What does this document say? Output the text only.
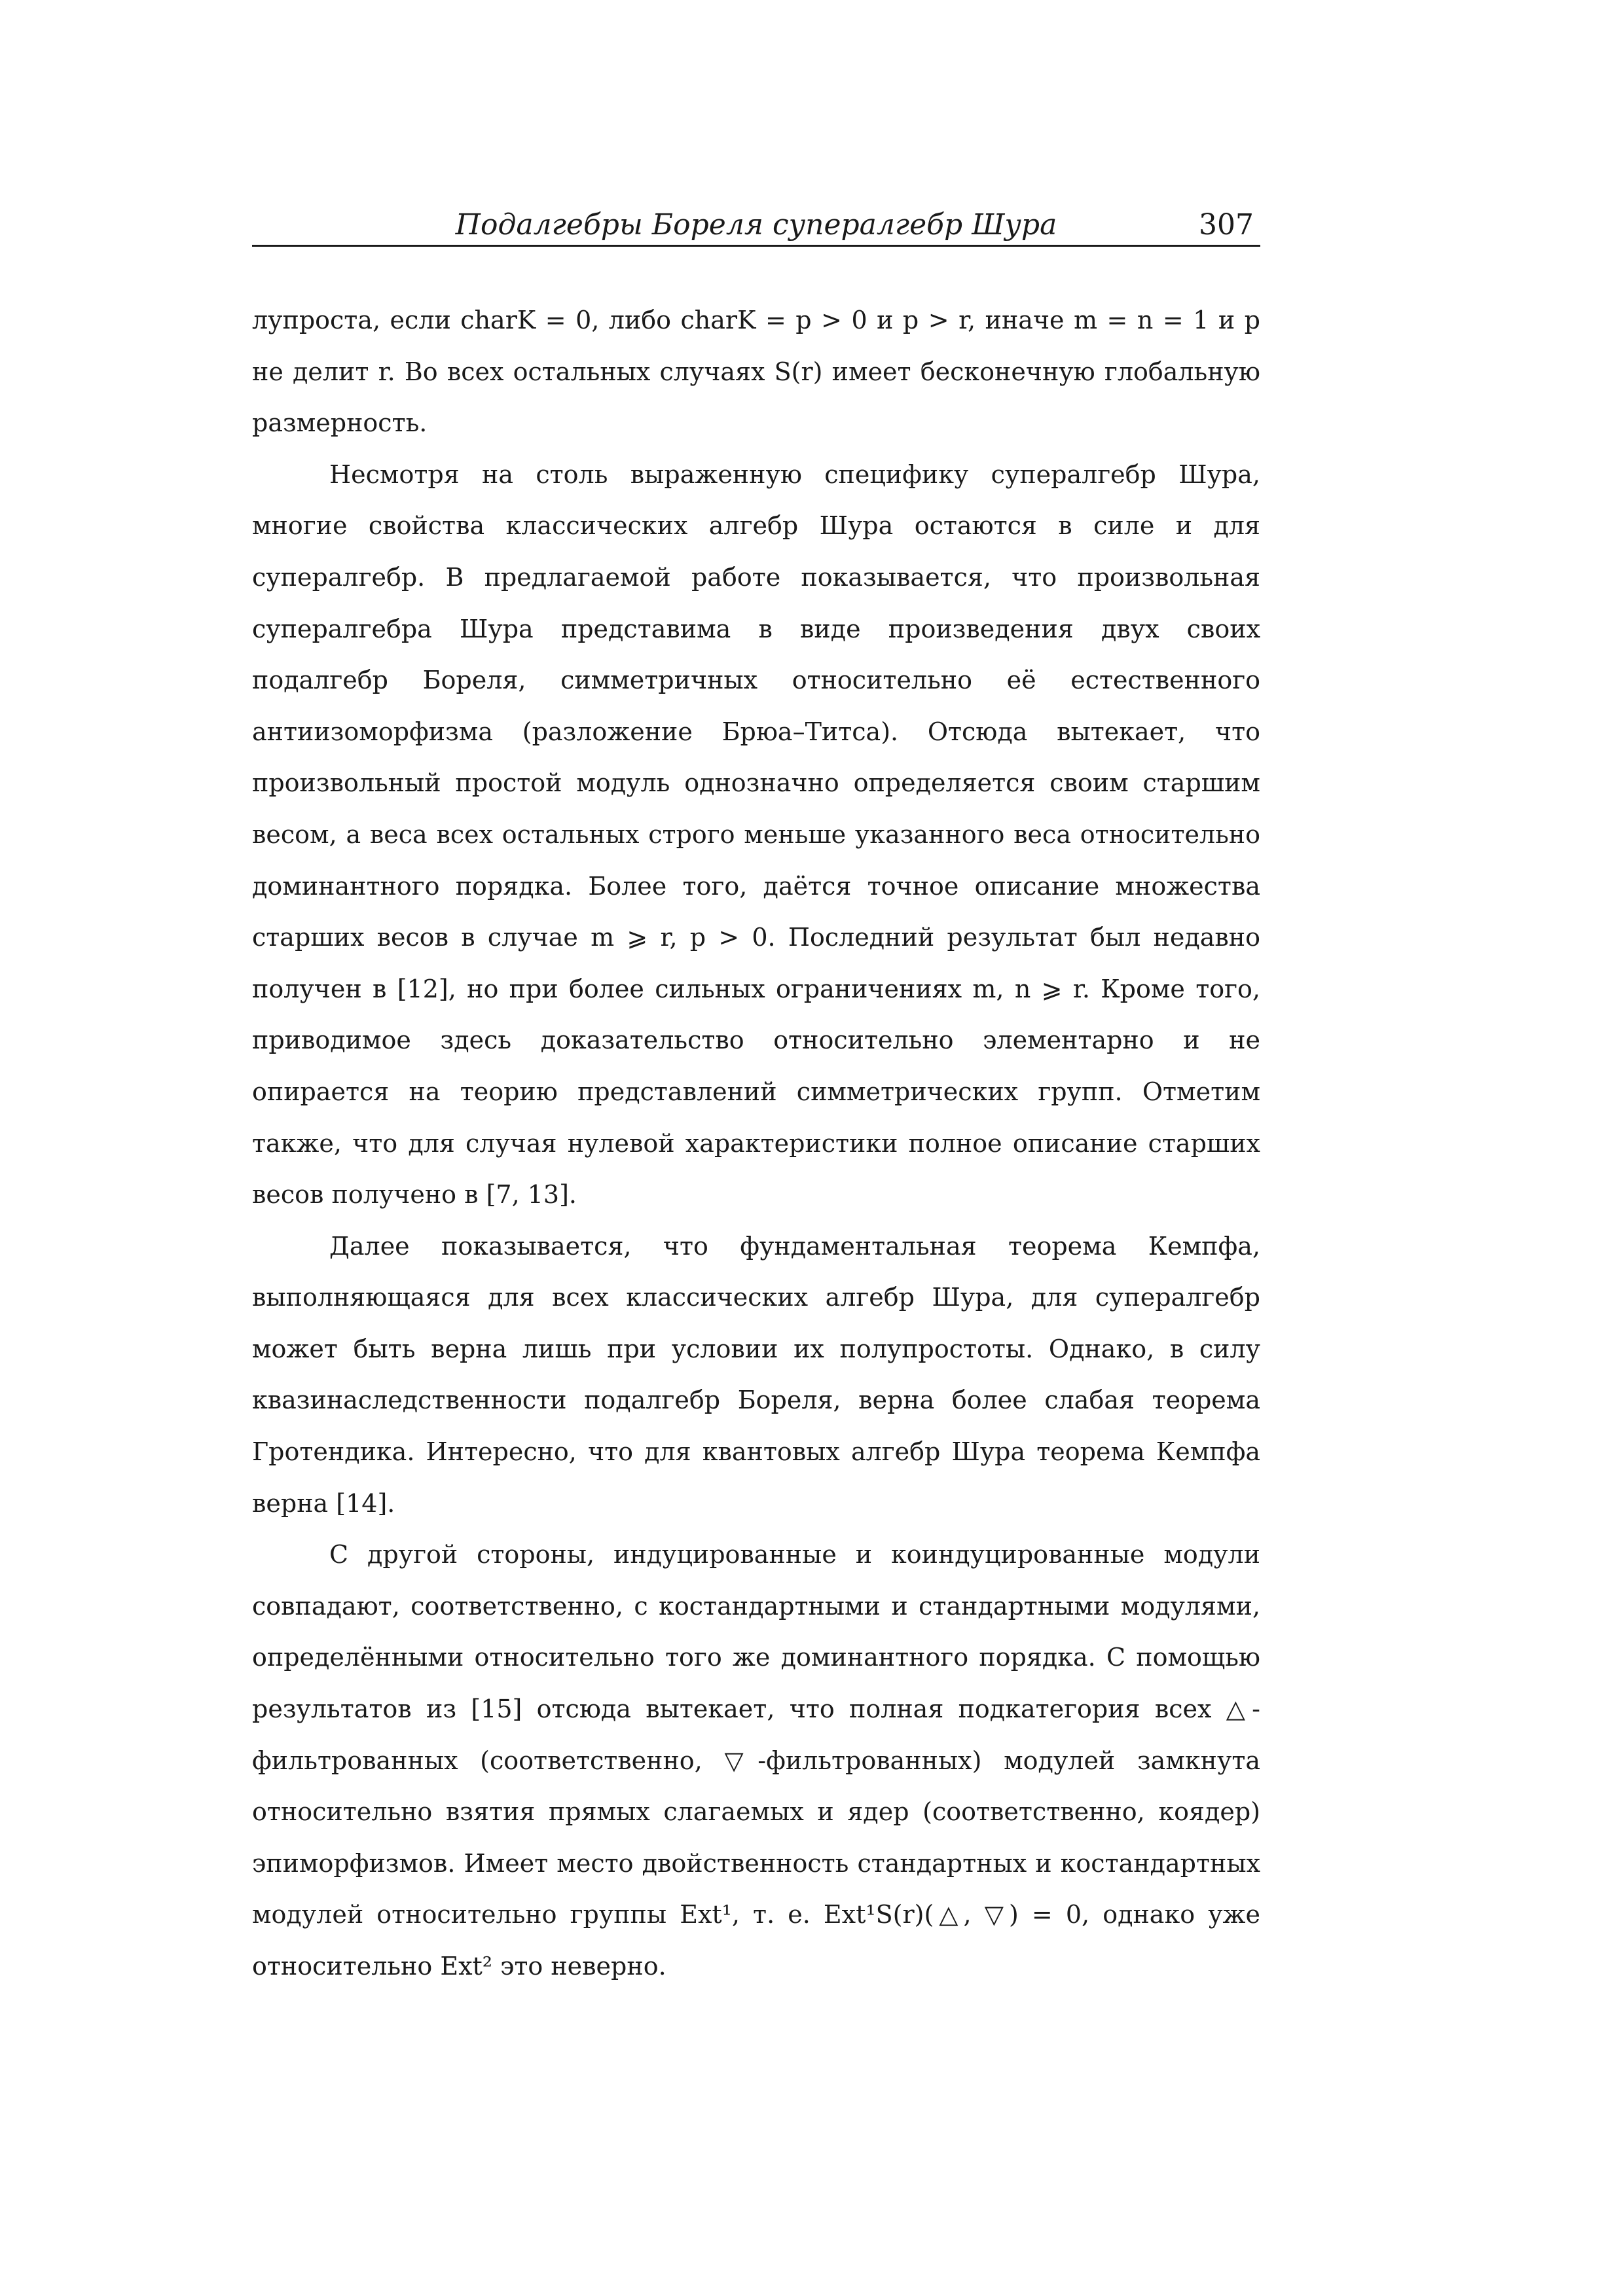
Подалгебры Бореля супералгебр Шура	307

лупроста, если charK = 0, либо charK = p > 0 и p > r, иначе m = n = 1 и p не делит r. Во всех остальных случаях S(r) имеет бесконечную глобальную размерность.

Несмотря на столь выраженную специфику супералгебр Шура, многие свойства классических алгебр Шура остаются в силе и для супералгебр. В предлагаемой работе показывается, что произвольная супералгебра Шура представима в виде произведения двух своих подалгебр Бореля, симметричных относительно её естественного антиизоморфизма (разложение Брюа–Титса). Отсюда вытекает, что произвольный простой модуль однозначно определяется своим старшим весом, а веса всех остальных строго меньше указанного веса относительно доминантного порядка. Более того, даётся точное описание множества старших весов в случае m ⩾ r, p > 0. Последний результат был недавно получен в [12], но при более сильных ограничениях m, n ⩾ r. Кроме того, приводимое здесь доказательство относительно элементарно и не опирается на теорию представлений симметрических групп. Отметим также, что для случая нулевой характеристики полное описание старших весов получено в [7, 13].

Далее показывается, что фундаментальная теорема Кемпфа, выполняющаяся для всех классических алгебр Шура, для супералгебр может быть верна лишь при условии их полупростоты. Однако, в силу квазинаследственности подалгебр Бореля, верна более слабая теорема Гротендика. Интересно, что для квантовых алгебр Шура теорема Кемпфа верна [14].

С другой стороны, индуцированные и коиндуцированные модули совпадают, соответственно, с костандартными и стандартными модулями, определёнными относительно того же доминантного порядка. С помощью результатов из [15] отсюда вытекает, что полная подкатегория всех △-фильтрованных (соответственно, ▽-фильтрованных) модулей замкнута относительно взятия прямых слагаемых и ядер (соответственно, коядер) эпиморфизмов. Имеет место двойственность стандартных и костандартных модулей относительно группы Ext¹, т. е. Ext¹S(r)(△, ▽) = 0, однако уже относительно Ext² это неверно.
